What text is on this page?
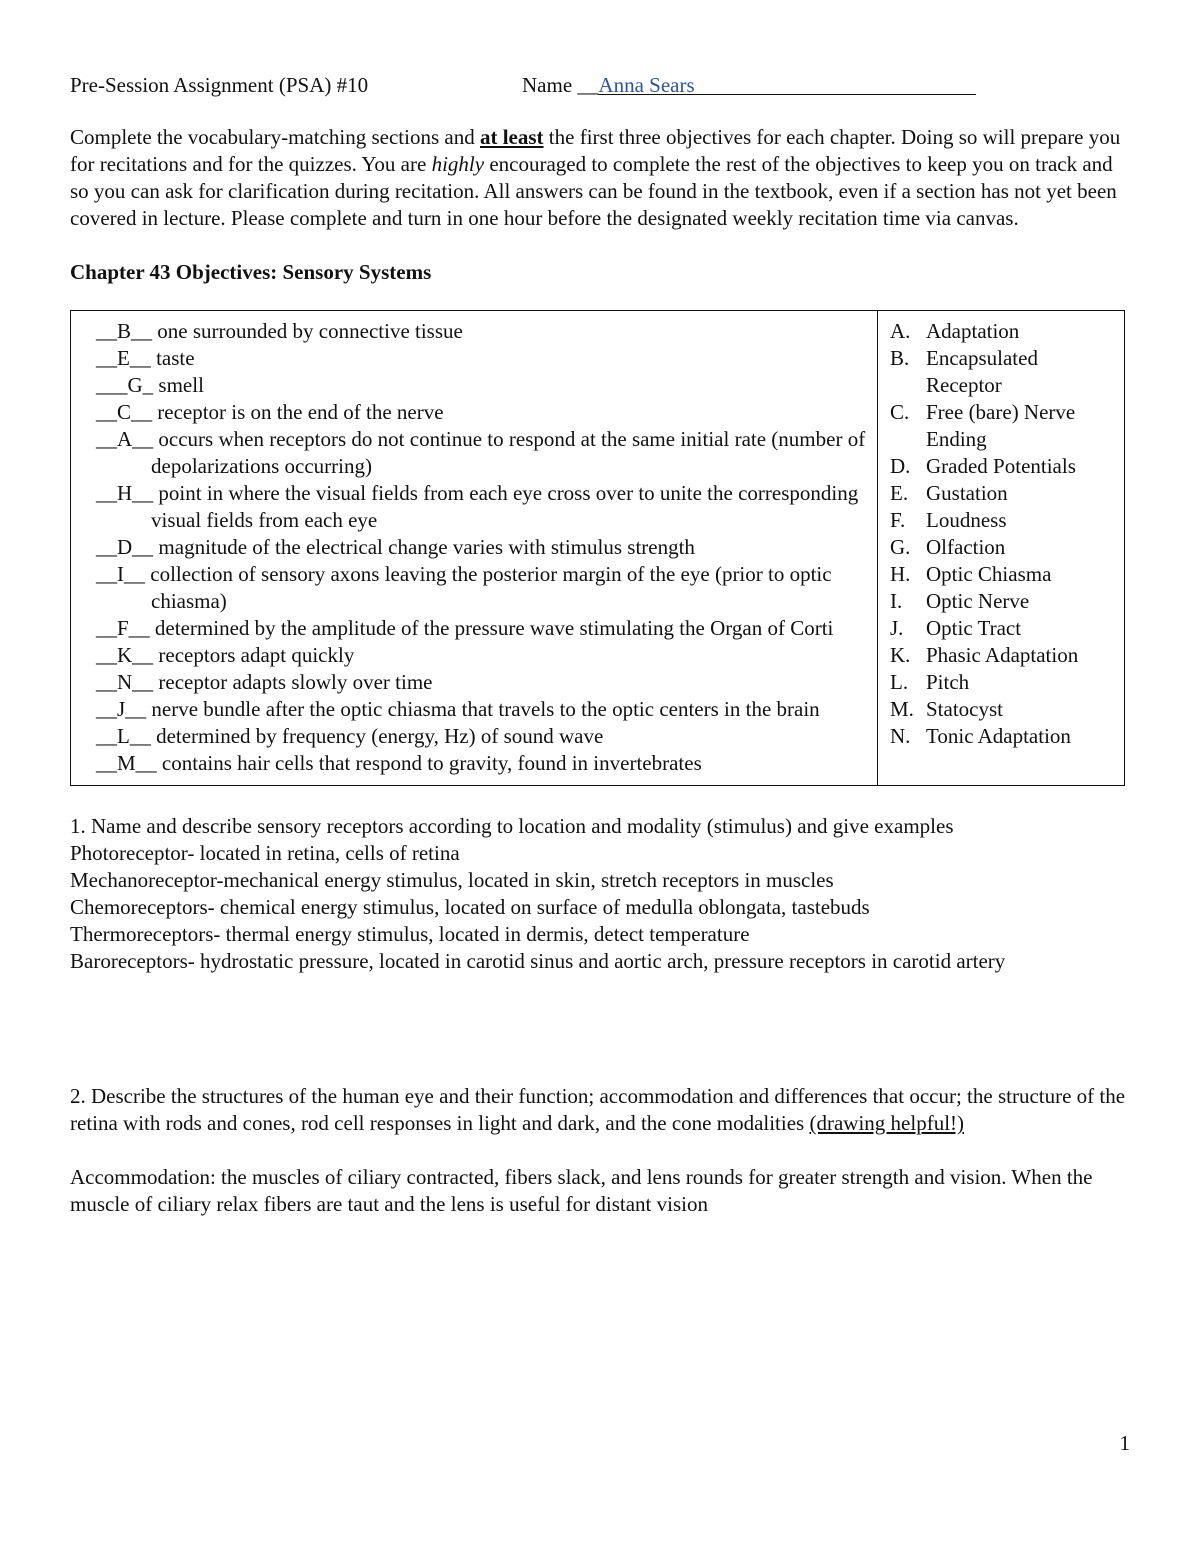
Pre-Session Assignment (PSA) #10	Name __Anna Sears
Complete the vocabulary-matching sections and at least the first three objectives for each chapter. Doing so will prepare you for recitations and for the quizzes. You are highly encouraged to complete the rest of the objectives to keep you on track and so you can ask for clarification during recitation. All answers can be found in the textbook, even if a section has not yet been covered in lecture. Please complete and turn in one hour before the designated weekly recitation time via canvas.
Chapter 43 Objectives: Sensory Systems
__B__ one surrounded by connective tissue
__E__ taste
___G_ smell
__C__ receptor is on the end of the nerve
__A__ occurs when receptors do not continue to respond at the same initial rate (number of depolarizations occurring)
__H__ point in where the visual fields from each eye cross over to unite the corresponding visual fields from each eye
__D__ magnitude of the electrical change varies with stimulus strength
__I__ collection of sensory axons leaving the posterior margin of the eye (prior to optic chiasma)
__F__ determined by the amplitude of the pressure wave stimulating the Organ of Corti
__K__ receptors adapt quickly
__N__ receptor adapts slowly over time
__J__ nerve bundle after the optic chiasma that travels to the optic centers in the brain
__L__ determined by frequency (energy, Hz) of sound wave
__M__ contains hair cells that respond to gravity, found in invertebrates

A. Adaptation
B. Encapsulated Receptor
C. Free (bare) Nerve Ending
D. Graded Potentials
E. Gustation
F. Loudness
G. Olfaction
H. Optic Chiasma
I.	Optic Nerve
J.	Optic Tract
K. Phasic Adaptation
L. Pitch
M. Statocyst
N. Tonic Adaptation
1. Name and describe sensory receptors according to location and modality (stimulus) and give examples
Photoreceptor- located in retina, cells of retina
Mechanoreceptor-mechanical energy stimulus, located in skin, stretch receptors in muscles
Chemoreceptors- chemical energy stimulus, located on surface of medulla oblongata, tastebuds
Thermoreceptors- thermal energy stimulus, located in dermis, detect temperature
Baroreceptors- hydrostatic pressure, located in carotid sinus and aortic arch, pressure receptors in carotid artery
2. Describe the structures of the human eye and their function; accommodation and differences that occur; the structure of the retina with rods and cones, rod cell responses in light and dark, and the cone modalities (drawing helpful!)
Accommodation: the muscles of ciliary contracted, fibers slack, and lens rounds for greater strength and vision. When the muscle of ciliary relax fibers are taut and the lens is useful for distant vision
1
